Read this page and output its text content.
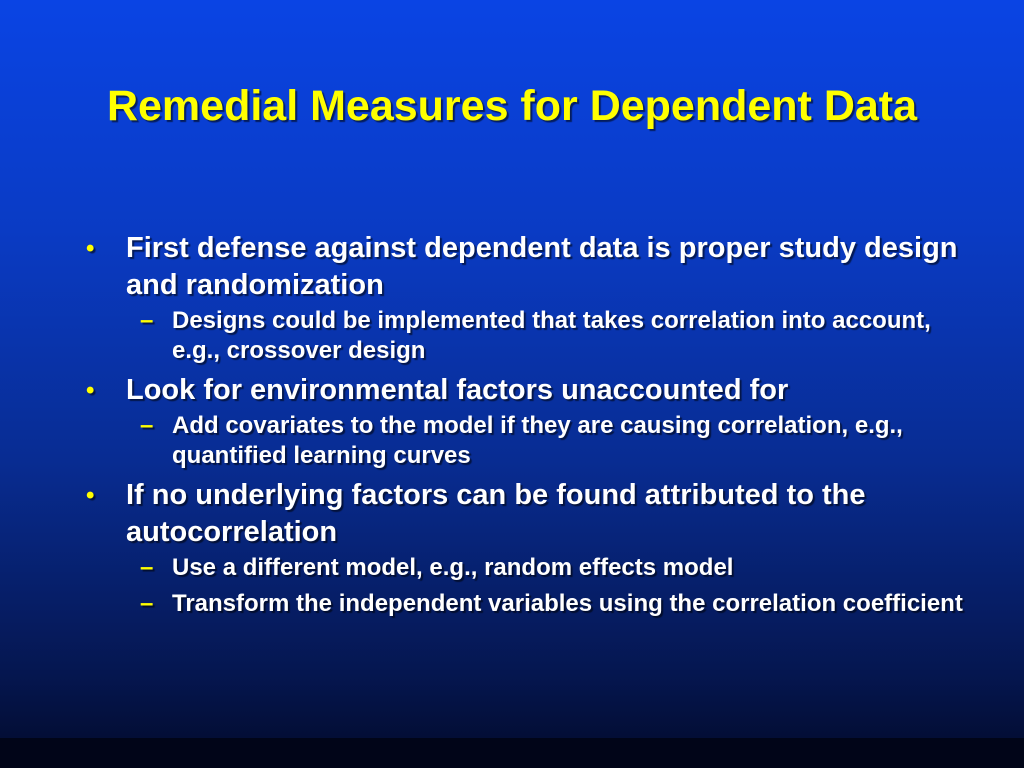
Remedial Measures for Dependent Data
• First defense against dependent data is proper study design and randomization
– Designs could be implemented that takes correlation into account, e.g., crossover design
• Look for environmental factors unaccounted for
– Add covariates to the model if they are causing correlation, e.g., quantified learning curves
• If no underlying factors can be found attributed to the autocorrelation
– Use a different model, e.g., random effects model
– Transform the independent variables using the correlation coefficient
